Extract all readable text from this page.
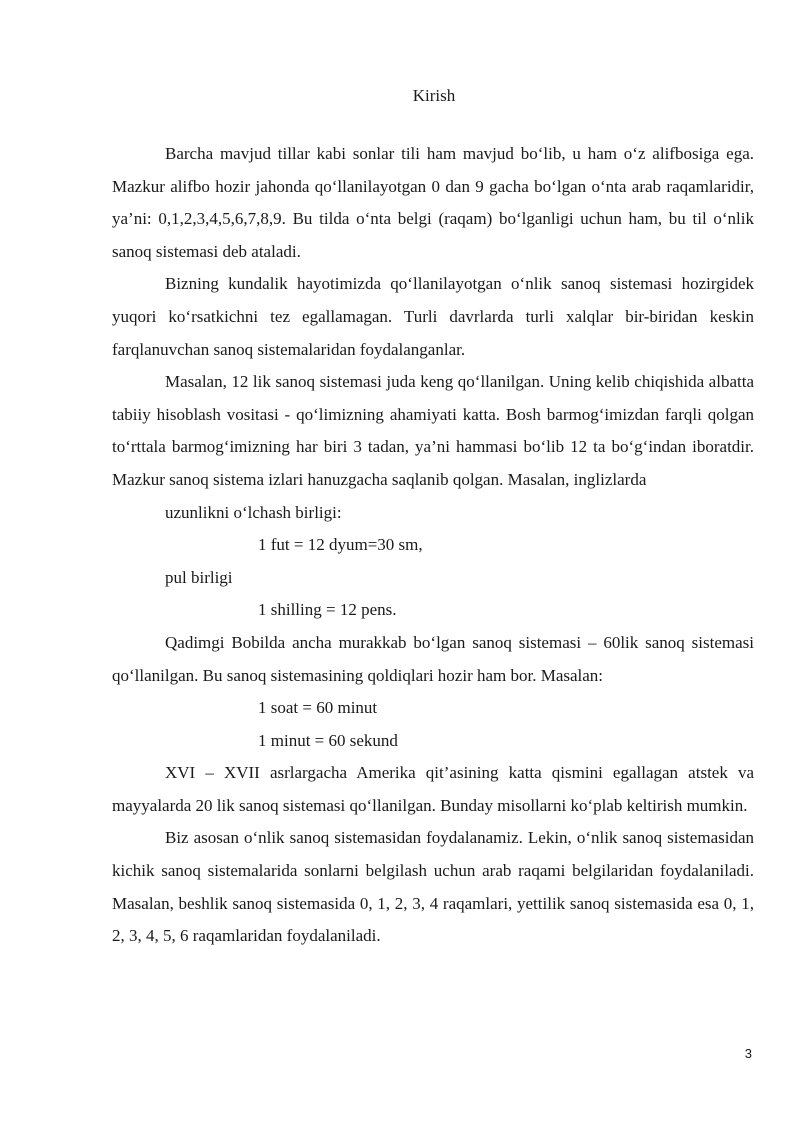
Kirish

Barcha mavjud tillar kabi sonlar tili ham mavjud bo‘lib, u ham o‘z alifbosiga ega. Mazkur alifbo hozir jahonda qo‘llanilayotgan 0 dan 9 gacha bo‘lgan o‘nta arab raqamlaridir, ya’ni: 0,1,2,3,4,5,6,7,8,9. Bu tilda o‘nta belgi (raqam) bo‘lganligi uchun ham, bu til o‘nlik sanoq sistemasi deb ataladi.

Bizning kundalik hayotimizda qo‘llanilayotgan o‘nlik sanoq sistemasi hozirgidek yuqori ko‘rsatkichni tez egallamagan. Turli davrlarda turli xalqlar bir-biridan keskin farqlanuvchan sanoq sistemalaridan foydalanganlar.

Masalan, 12 lik sanoq sistemasi juda keng qo‘llanilgan. Uning kelib chiqishida albatta tabiiy hisoblash vositasi - qo‘limizning ahamiyati katta. Bosh barmog‘imizdan farqli qolgan to‘rttala barmog‘imizning har biri 3 tadan, ya’ni hammasi bo‘lib 12 ta bo‘g‘indan iboratdir. Mazkur sanoq sistema izlari hanuzgacha saqlanib qolgan. Masalan, inglizlarda

uzunlikni o‘lchash birligi:

1 fut = 12 dyum=30 sm,

pul birligi

1 shilling = 12 pens.

Qadimgi Bobilda ancha murakkab bo‘lgan sanoq sistemasi – 60lik sanoq sistemasi qo‘llanilgan. Bu sanoq sistemasining qoldiqlari hozir ham bor. Masalan:

1 soat = 60 minut

1 minut = 60 sekund

XVI – XVII asrlargacha Amerika qit’asining katta qismini egallagan atstek va mayyalarda 20 lik sanoq sistemasi qo‘llanilgan. Bunday misollarni ko‘plab keltirish mumkin.

Biz asosan o‘nlik sanoq sistemasidan foydalanamiz. Lekin, o‘nlik sanoq sistemasidan kichik sanoq sistemalarida sonlarni belgilash uchun arab raqami belgilaridan foydalaniladi. Masalan, beshlik sanoq sistemasida 0, 1, 2, 3, 4 raqamlari, yettilik sanoq sistemasida esa 0, 1, 2, 3, 4, 5, 6 raqamlaridan foydalaniladi.

3
